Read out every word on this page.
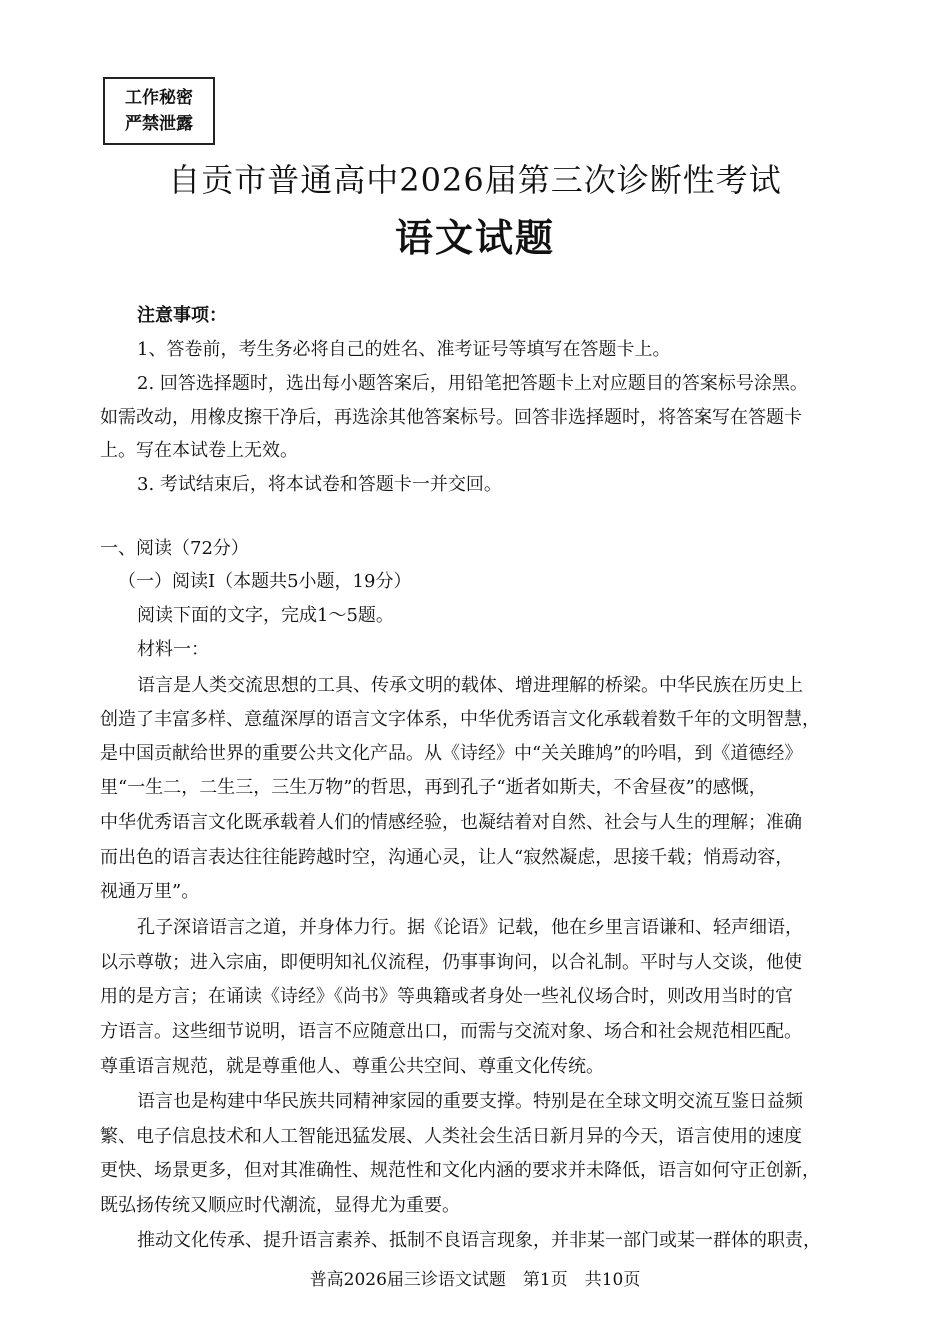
工作秘密
严禁泄露
自贡市普通高中2026届第三次诊断性考试
语文试题
注意事项：
1、答卷前，考生务必将自己的姓名、准考证号等填写在答题卡上。
2. 回答选择题时，选出每小题答案后，用铅笔把答题卡上对应题目的答案标号涂黑。
如需改动，用橡皮擦干净后，再选涂其他答案标号。回答非选择题时，将答案写在答题卡
上。写在本试卷上无效。
3. 考试结束后，将本试卷和答题卡一并交回。
一、阅读（72分）
（一）阅读Ⅰ（本题共5小题，19分）
阅读下面的文字，完成1～5题。
材料一：
语言是人类交流思想的工具、传承文明的载体、增进理解的桥梁。中华民族在历史上
创造了丰富多样、意蕴深厚的语言文字体系，中华优秀语言文化承载着数千年的文明智慧，
是中国贡献给世界的重要公共文化产品。从《诗经》中“关关雎鸠”的吟唱，到《道德经》
里“一生二，二生三，三生万物”的哲思，再到孔子“逝者如斯夫，不舍昼夜”的感慨，
中华优秀语言文化既承载着人们的情感经验，也凝结着对自然、社会与人生的理解；准确
而出色的语言表达往往能跨越时空，沟通心灵，让人“寂然凝虑，思接千载；悄焉动容，
视通万里”。
孔子深谙语言之道，并身体力行。据《论语》记载，他在乡里言语谦和、轻声细语，
以示尊敬；进入宗庙，即便明知礼仪流程，仍事事询问，以合礼制。平时与人交谈，他使
用的是方言；在诵读《诗经》《尚书》等典籍或者身处一些礼仪场合时，则改用当时的官
方语言。这些细节说明，语言不应随意出口，而需与交流对象、场合和社会规范相匹配。
尊重语言规范，就是尊重他人、尊重公共空间、尊重文化传统。
语言也是构建中华民族共同精神家园的重要支撑。特别是在全球文明交流互鉴日益频
繁、电子信息技术和人工智能迅猛发展、人类社会生活日新月异的今天，语言使用的速度
更快、场景更多，但对其准确性、规范性和文化内涵的要求并未降低，语言如何守正创新，
既弘扬传统又顺应时代潮流，显得尤为重要。
推动文化传承、提升语言素养、抵制不良语言现象，并非某一部门或某一群体的职责，
普高2026届三诊语文试题　第1页　共10页
